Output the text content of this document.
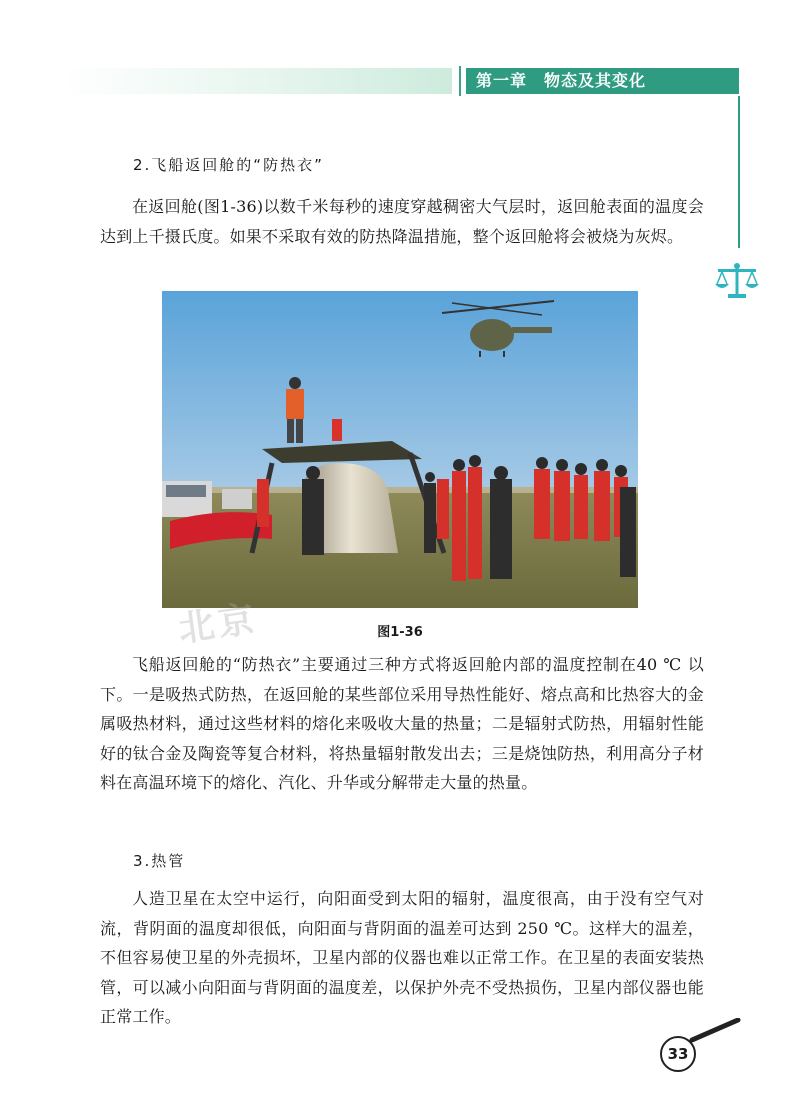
第一章　物态及其变化
2.飞船返回舱的“防热衣”

在返回舱(图1-36)以数千米每秒的速度穿越稠密大气层时，返回舱表面的温度会达到上千摄氏度。如果不采取有效的防热降温措施，整个返回舱将会被烧为灰烬。

北京	图1-36

飞船返回舱的“防热衣”主要通过三种方式将返回舱内部的温度控制在40 ℃ 以下。一是吸热式防热，在返回舱的某些部位采用导热性能好、熔点高和比热容大的金属吸热材料，通过这些材料的熔化来吸收大量的热量；二是辐射式防热，用辐射性能好的钛合金及陶瓷等复合材料，将热量辐射散发出去；三是烧蚀防热，利用高分子材料在高温环境下的熔化、汽化、升华或分解带走大量的热量。

3.热管

人造卫星在太空中运行，向阳面受到太阳的辐射，温度很高，由于没有空气对流，背阴面的温度却很低，向阳面与背阴面的温差可达到 250 ℃。这样大的温差，不但容易使卫星的外壳损坏，卫星内部的仪器也难以正常工作。在卫星的表面安装热管，可以减小向阳面与背阴面的温度差，以保护外壳不受热损伤，卫星内部仪器也能正常工作。

33
